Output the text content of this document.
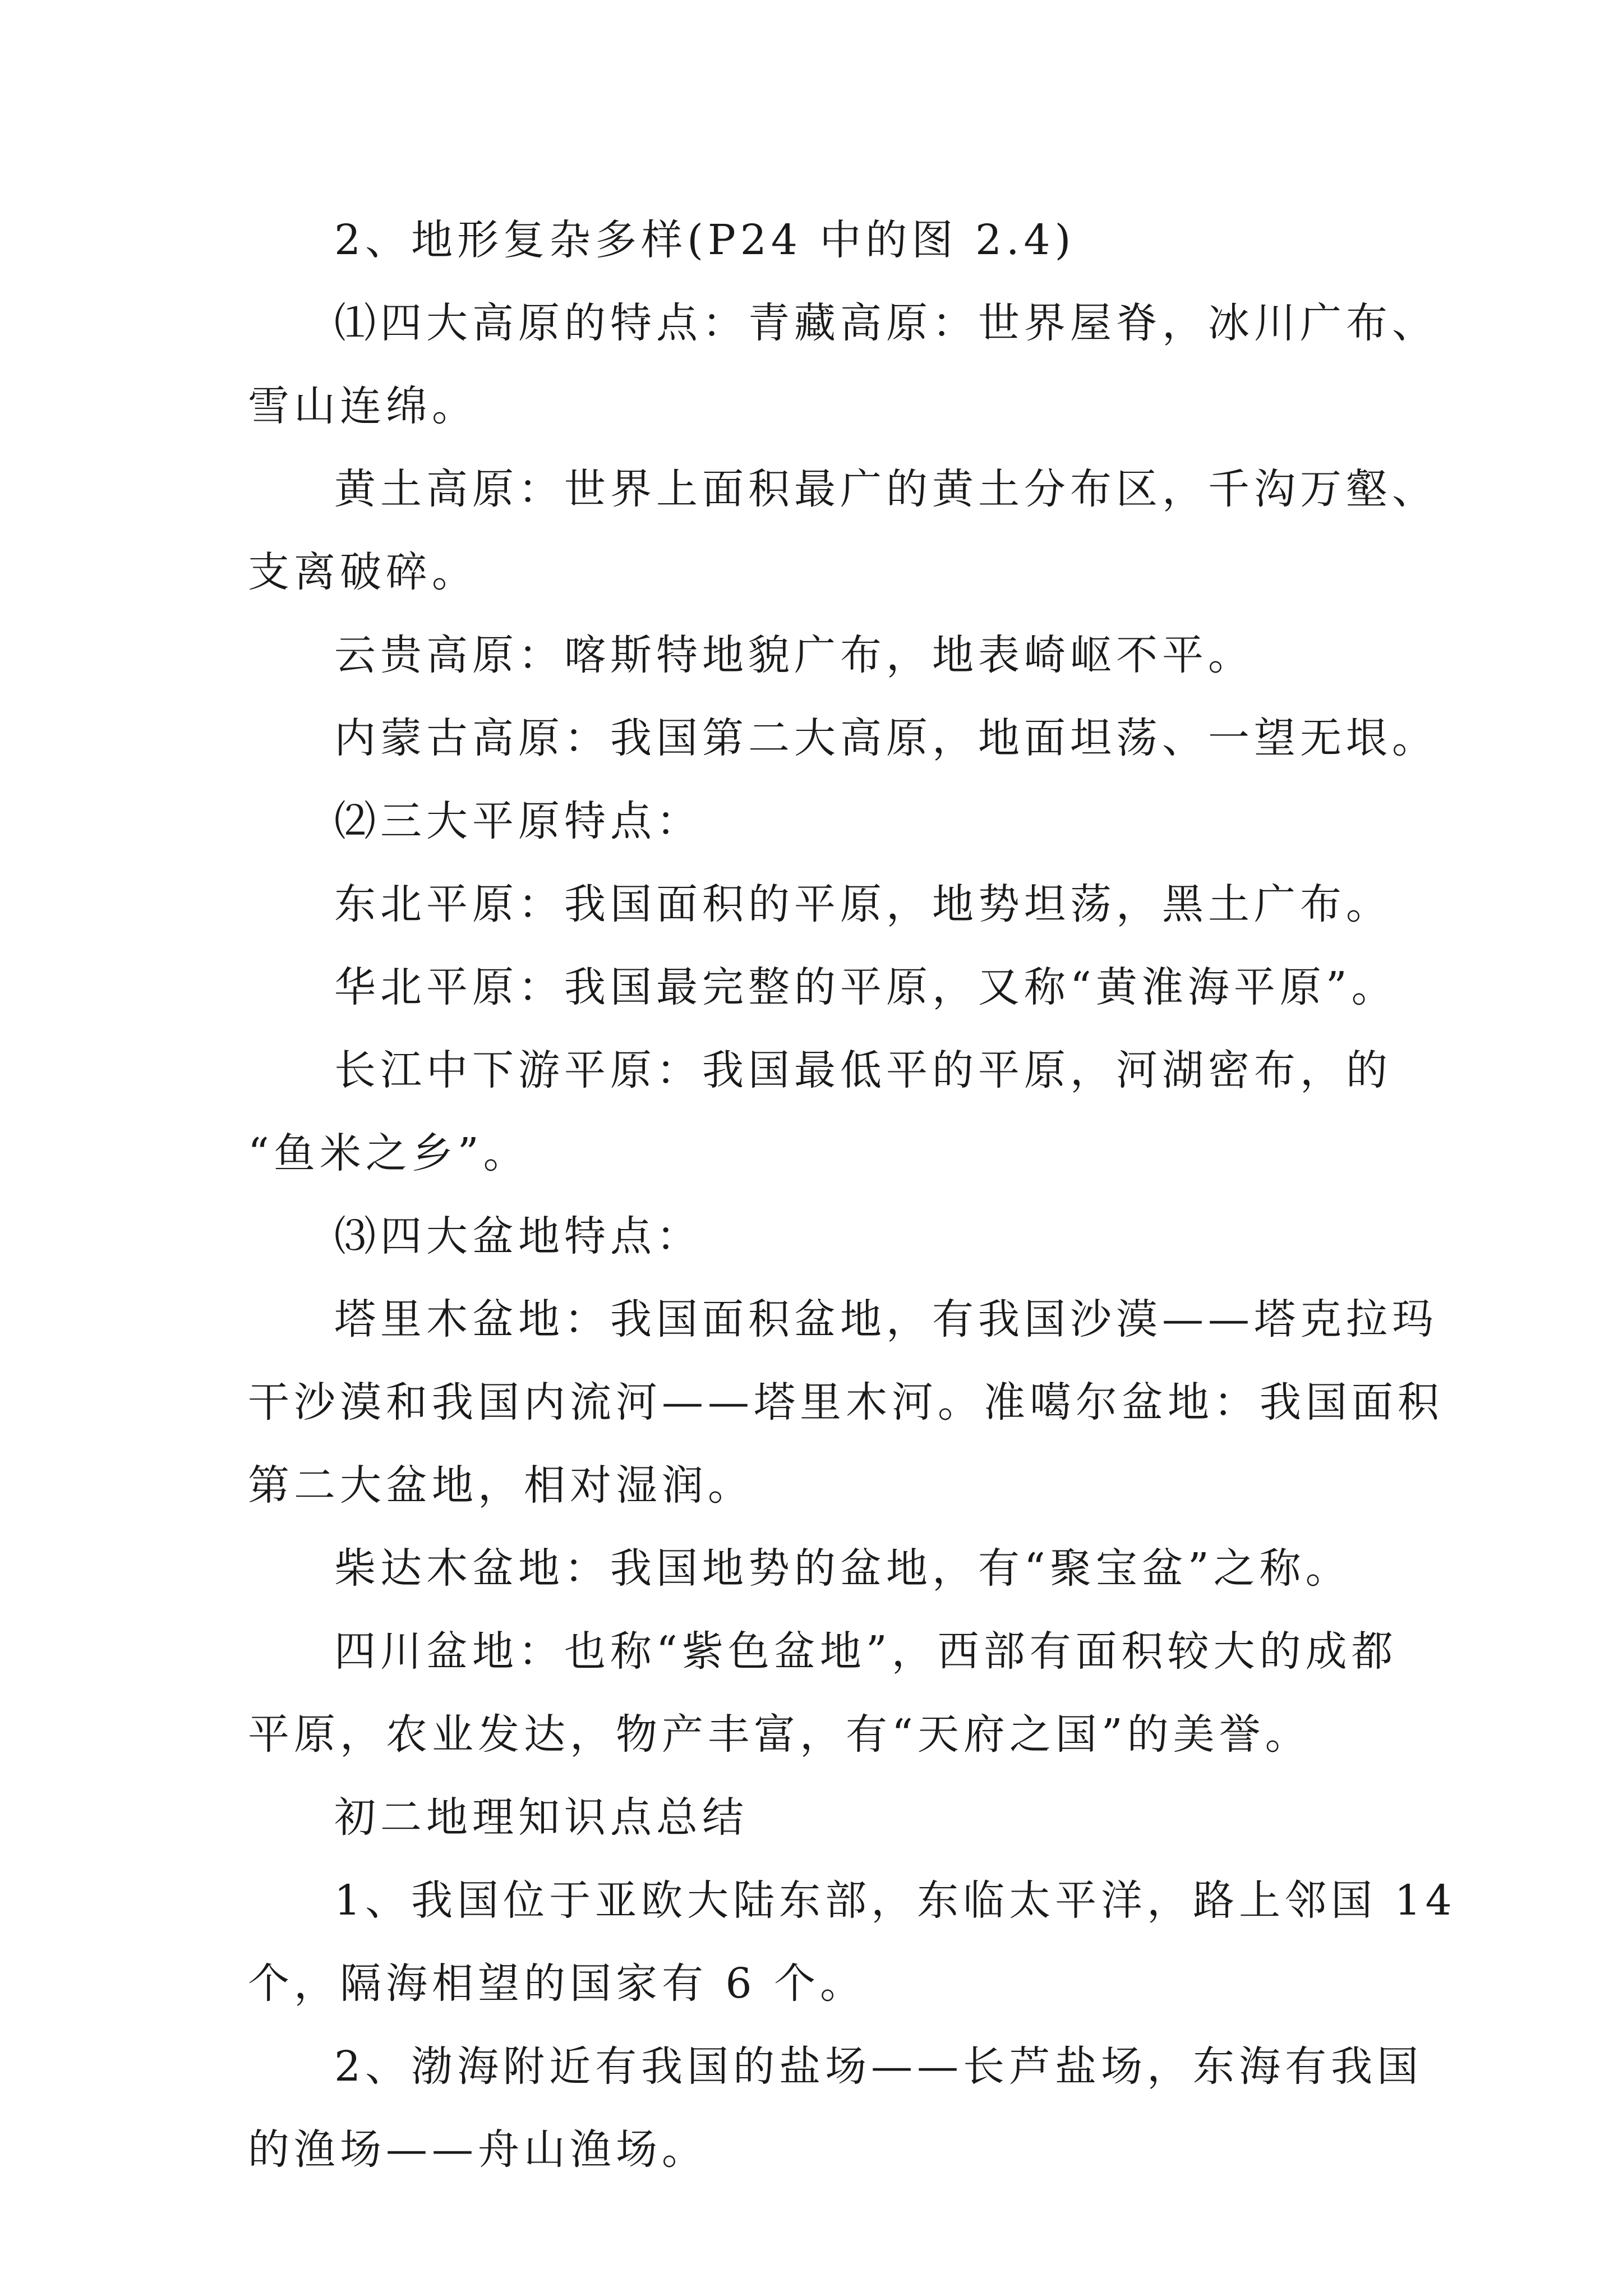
2、地形复杂多样(P24 中的图 2.4)

⑴四大高原的特点：青藏高原：世界屋脊，冰川广布、

雪山连绵。

黄土高原：世界上面积最广的黄土分布区，千沟万壑、

支离破碎。

云贵高原：喀斯特地貌广布，地表崎岖不平。

内蒙古高原：我国第二大高原，地面坦荡、一望无垠。

⑵三大平原特点：

东北平原：我国面积的平原，地势坦荡，黑土广布。

华北平原：我国最完整的平原，又称“黄淮海平原”。

长江中下游平原：我国最低平的平原，河湖密布，的

“鱼米之乡”。

⑶四大盆地特点：

塔里木盆地：我国面积盆地，有我国沙漠——塔克拉玛

干沙漠和我国内流河——塔里木河。准噶尔盆地：我国面积

第二大盆地，相对湿润。

柴达木盆地：我国地势的盆地，有“聚宝盆”之称。

四川盆地：也称“紫色盆地”，西部有面积较大的成都

平原，农业发达，物产丰富，有“天府之国”的美誉。

初二地理知识点总结

1、我国位于亚欧大陆东部，东临太平洋，路上邻国 14

个，隔海相望的国家有 6 个。

2、渤海附近有我国的盐场——长芦盐场，东海有我国

的渔场——舟山渔场。
